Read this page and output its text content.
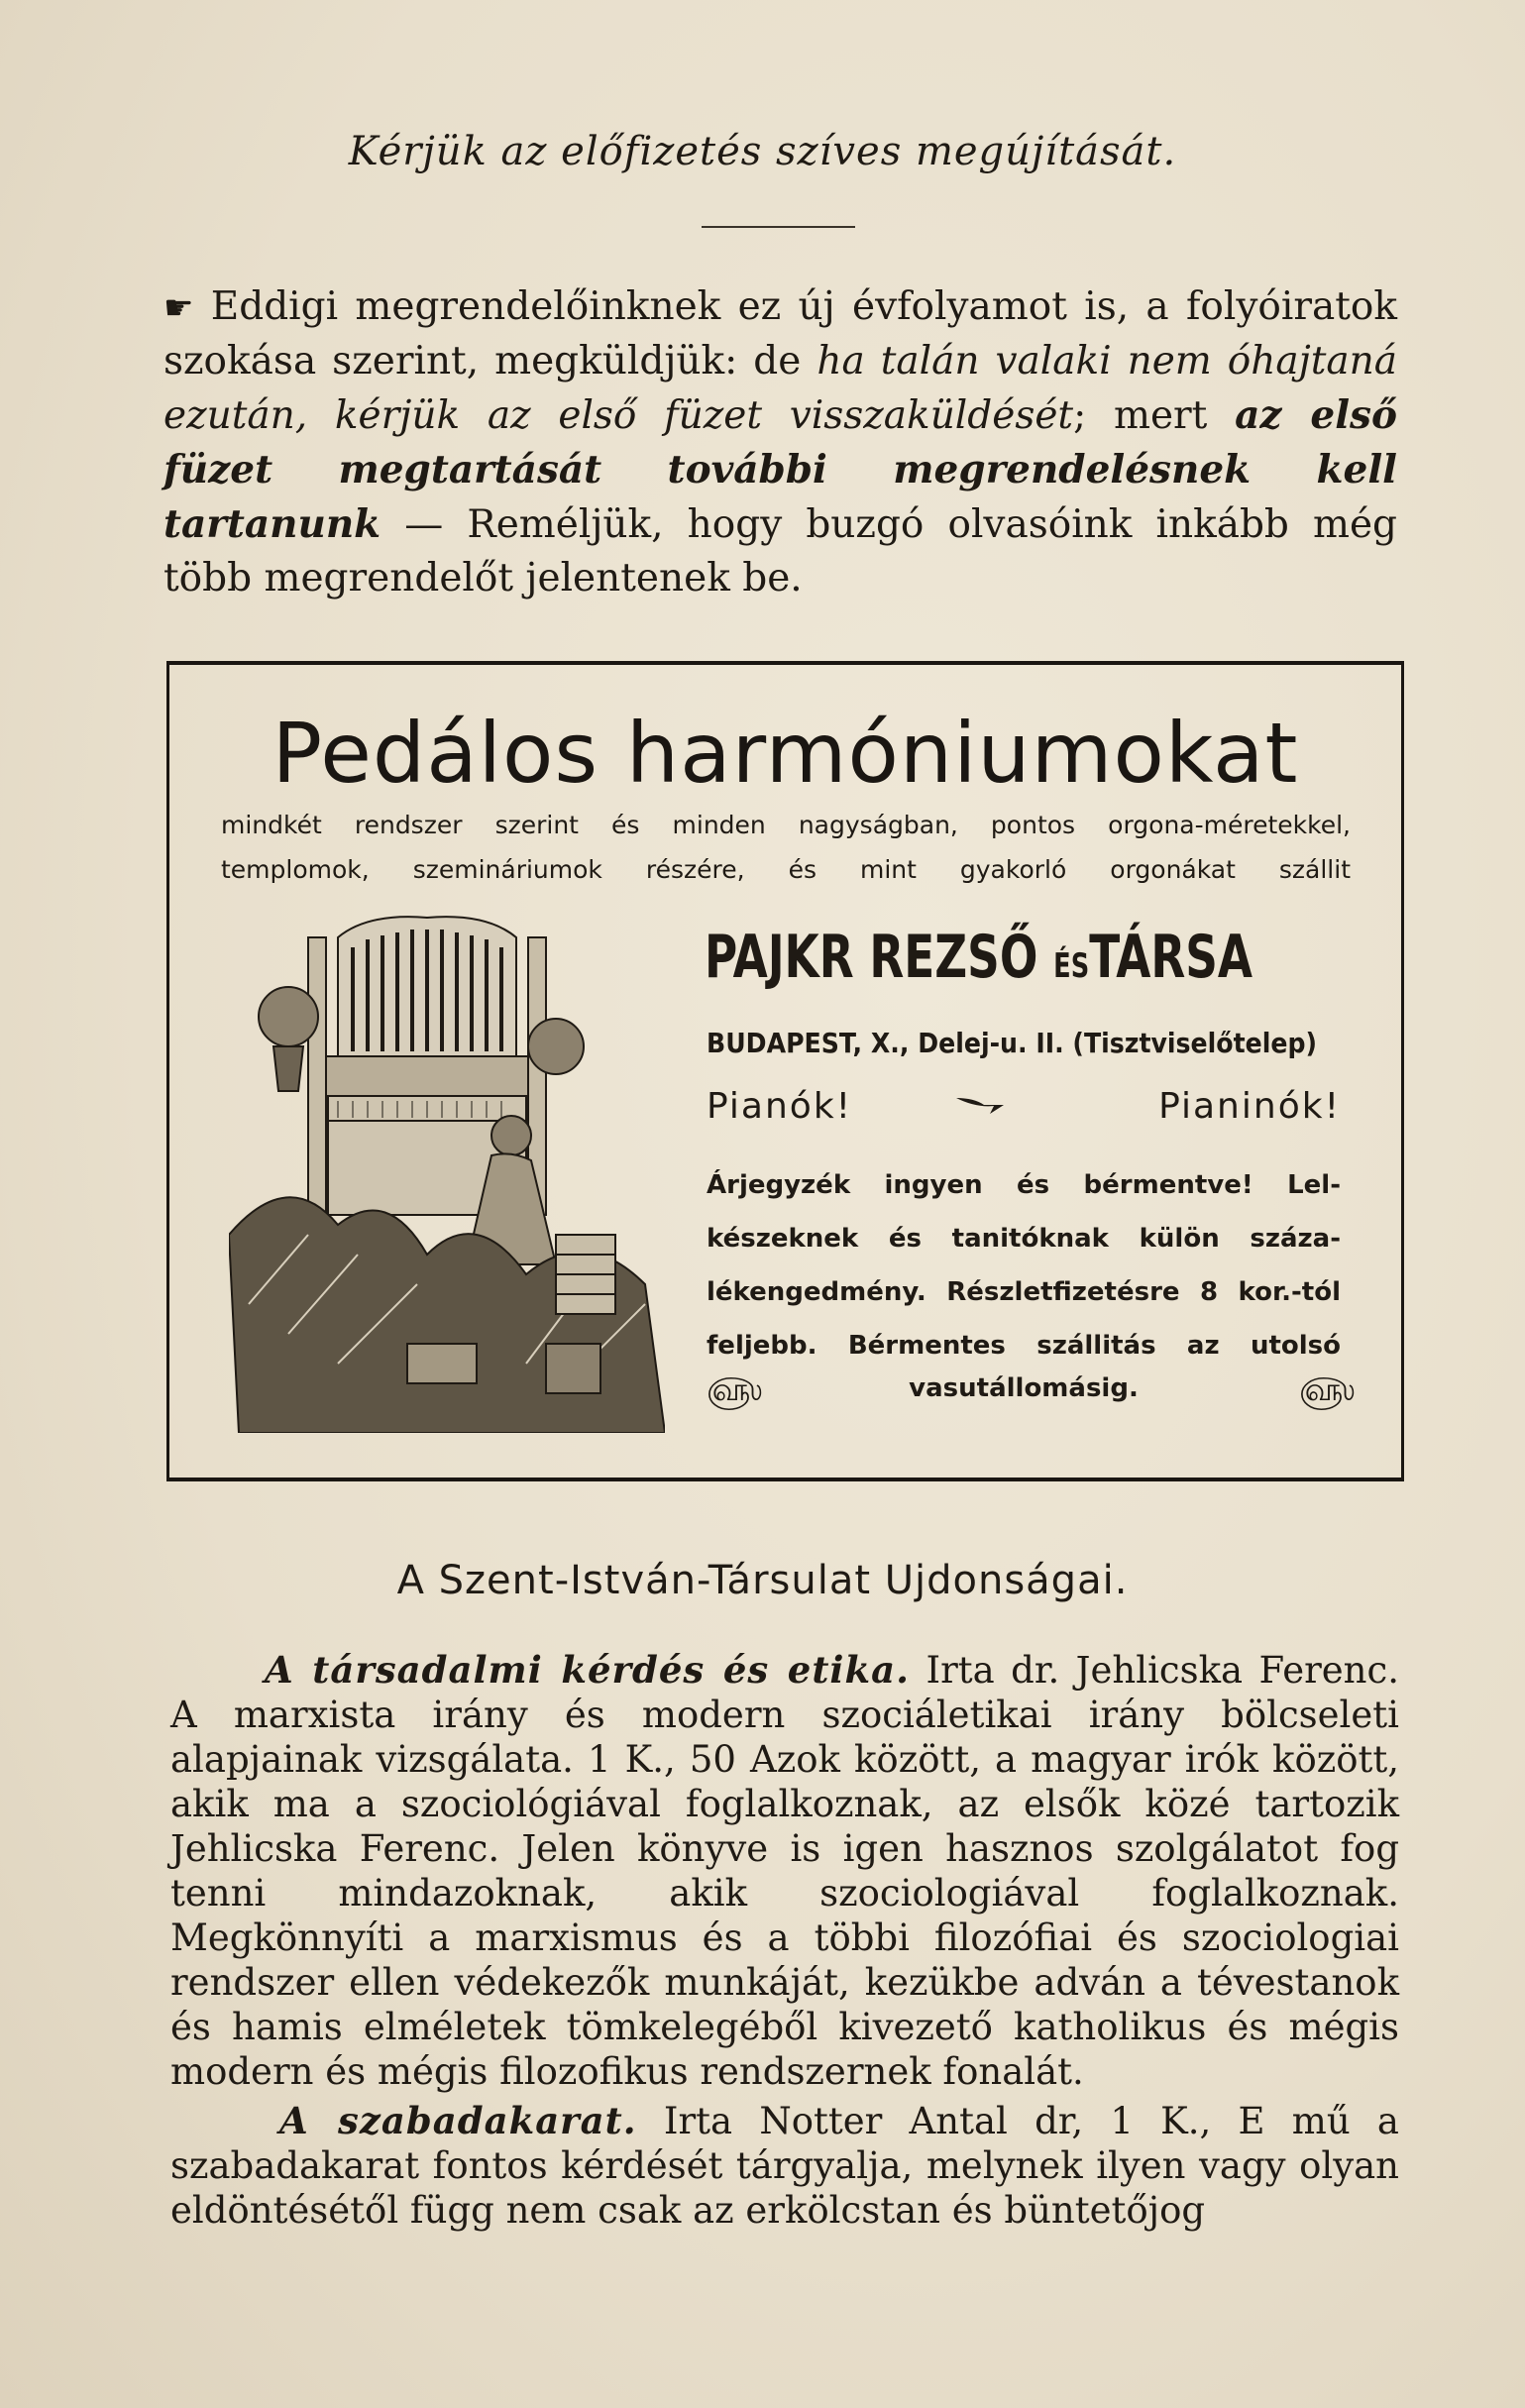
Kérjük az előfizetés szíves megújítását.

☛ Eddigi megrendelőinknek ez új évfolyamot is, a folyóiratok szokása szerint, megküldjük: de ha talán valaki nem óhajtaná ezután, kérjük az első füzet visszaküldését; mert az első füzet megtartását további megrendelésnek kell tartanunk — Reméljük, hogy buzgó olvasóink inkább még több megrendelőt jelentenek be.

Pedálos harmóniumokat
mindkét rendszer szerint és minden nagyságban, pontos orgona-méretekkel,
templomok, szemináriumok részére, és mint gyakorló orgonákat szállit
PAJKR REZSŐ ÉSTÁRSA
BUDAPEST, X., Delej-u. II. (Tisztviselőtelep)
Pianók!	Pianinók!
Árjegyzék ingyen és bérmentve! Lel-
készeknek és tanitóknak külön száza-
lékengedmény. Részletfizetésre 8 kor.-tól
feljebb. Bérmentes szállitás az utolsó
௵	vasutállomásig.	௵
A Szent-István-Társulat Ujdonságai.

A társadalmi kérdés és etika. Irta dr. Jehlicska Ferenc. A marxista irány és modern szociáletikai irány bölcseleti alapjainak vizsgálata. 1 K., 50 Azok között, a magyar irók között, akik ma a szociológiával foglalkoznak, az elsők közé tartozik Jehlicska Ferenc. Jelen könyve is igen hasznos szolgálatot fog tenni mindazoknak, akik szociologiával foglalkoznak. Megkönnyíti a marxismus és a többi filozófiai és szociologiai rendszer ellen védekezők munkáját, kezükbe adván a tévestanok és hamis elméletek tömkelegéből kivezető katholikus és mégis modern és mégis filozofikus rendszernek fonalát.

A szabadakarat. Irta Notter Antal dr, 1 K., E mű a szabadakarat fontos kérdését tárgyalja, melynek ilyen vagy olyan eldöntésétől függ nem csak az erkölcstan és büntetőjog
